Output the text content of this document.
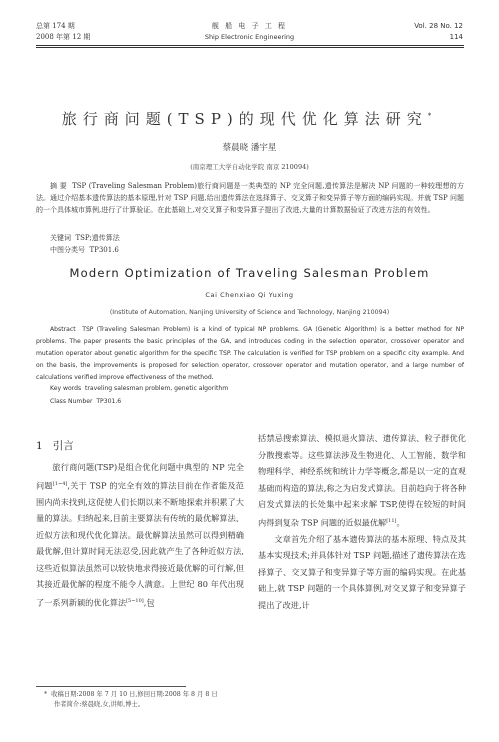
总第 174 期
2008 年第 12 期
舰 船 电 子 工 程
Ship Electronic Engineering
Vol. 28 No. 12
114
旅行商问题(TSP)的现代优化算法研究*
蔡晨晓 潘宇星
(南京理工大学自动化学院 南京 210094)
摘 要 TSP (Traveling Salesman Problem)旅行商问题是一类典型的 NP 完全问题,遗传算法是解决 NP 问题的一种较理想的方法。通过介绍基本遗传算法的基本原理,针对 TSP 问题,给出遗传算法在选择算子、交叉算子和变异算子等方面的编码实现。并就 TSP 问题的一个具体城市算例,进行了计算验证。在此基础上,对交叉算子和变异算子提出了改进,大量的计算数据验证了改进方法的有效性。
关键词 TSP;遗传算法
中图分类号 TP301.6
Modern Optimization of Traveling Salesman Problem
Cai Chenxiao Qi Yuxing
(Institute of Automation, Nanjing University of Science and Technology, Nanjing 210094)
Abstract TSP (Traveling Salesman Problem) is a kind of typical NP problems. GA (Genetic Algorithm) is a better method for NP problems. The paper presents the basic principles of the GA, and introduces coding in the selection operator, crossover operator and mutation operator about genetic algorithm for the specific TSP. The calculation is verified for TSP problem on a specific city example. And on the basis, the improvements is proposed for selection operator, crossover operator and mutation operator, and a large number of calculations verified improve effectiveness of the method.
Key words traveling salesman problem, genetic algorithm
Class Number TP301.6
1 引言

旅行商问题(TSP)是组合优化问题中典型的 NP 完全问题[1~4],关于 TSP 的完全有效的算法目前在作者能及范围内尚未找到,这促使人们长期以来不断地探索并积累了大量的算法。归纳起来,目前主要算法有传统的最优解算法、近似方法和现代优化算法。最优解算法虽然可以得到精确最优解,但计算时间无法忍受,因此就产生了各种近似方法,这些近似算法虽然可以较快地求得接近最优解的可行解,但其接近最优解的程度不能令人满意。上世纪 80 年代出现了一系列新颖的优化算法[5~10],包

括禁忌搜索算法、模拟退火算法、遗传算法、粒子群优化分散搜索等。这些算法涉及生物进化、人工智能、数学和物理科学、神经系统和统计力学等概念,都是以一定的直观基础而构造的算法,称之为启发式算法。目前趋向于将各种启发式算法的长处集中起来求解 TSP,使得在较短的时间内得到复杂 TSP 问题的近似最优解[11]。

文章首先介绍了基本遗传算法的基本原理、特点及其基本实现技术;并具体针对 TSP 问题,描述了遗传算法在选择算子、交叉算子和变异算子等方面的编码实现。在此基础上,就 TSP 问题的一个具体算例,对交叉算子和变异算子提出了改进,计

* 收稿日期:2008 年 7 月 10 日,修回日期:2008 年 8 月 8 日
作者简介:蔡晨晓,女,讲师,博士。
